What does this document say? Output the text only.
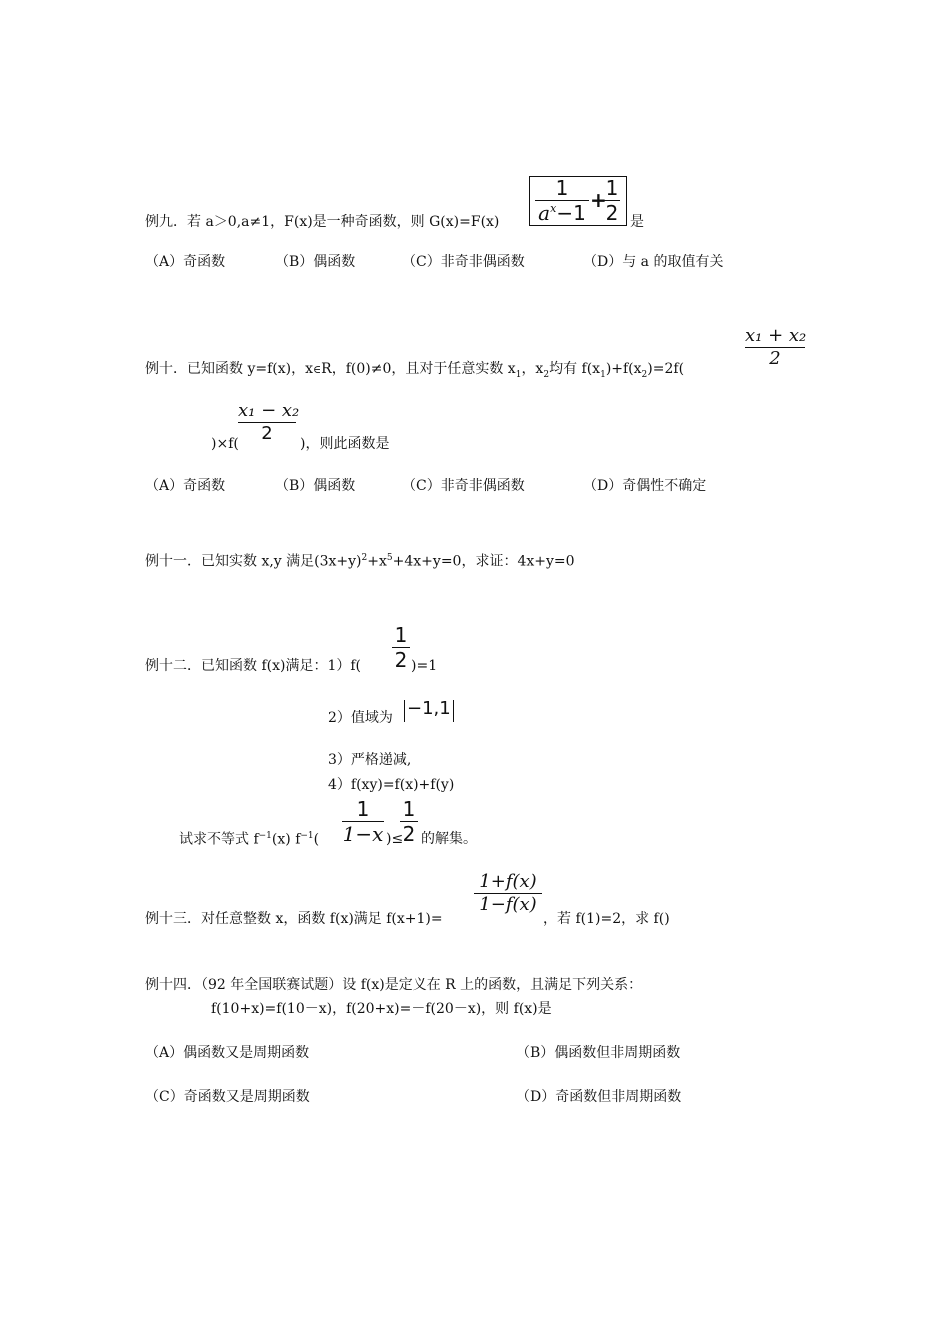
例九．若 a＞0,a≠1，F(x)是一种奇函数，则 G(x)=F(x)
1
$a^x-1$
+
1
2 是
（A）奇函数	（B）偶函数	（C）非奇非偶函数	（D）与 a 的取值有关
例十．已知函数 y=f(x)，x∈R，f(0)≠0，且对于任意实数 $x_1$，$x_2$均有 $f(x_1)+f(x_2)=2f$(
x₁ + x₂
2
x₁ − x₂
2
)×f(	)，则此函数是
（A）奇函数	（B）偶函数	（C）非奇非偶函数	（D）奇偶性不确定
例十一．已知实数 x,y 满足$(3x+y)^2+x^5+4x+y=0$，求证：4x+y=0
例十二．已知函数 f(x)满足：1）f(
1
2 )=1
2）值域为 −1,1
3）严格递减,
4）f(xy)=f(x)+f(y)
试求不等式 $f^{-1}(x)$ $f^{-1}$(
1
1−x )≤
1
2 的解集。
例十三．对任意整数 x，函数 f(x)满足 f(x+1)=
1+f(x)
1−f(x)
，若 f(1)=2，求 f()
例十四．（92 年全国联赛试题）设 f(x)是定义在 R 上的函数，且满足下列关系：
f(10+x)=f(10－x)，f(20+x)=－f(20－x)，则 f(x)是
（A）偶函数又是周期函数	（B）偶函数但非周期函数
（C）奇函数又是周期函数	（D）奇函数但非周期函数
